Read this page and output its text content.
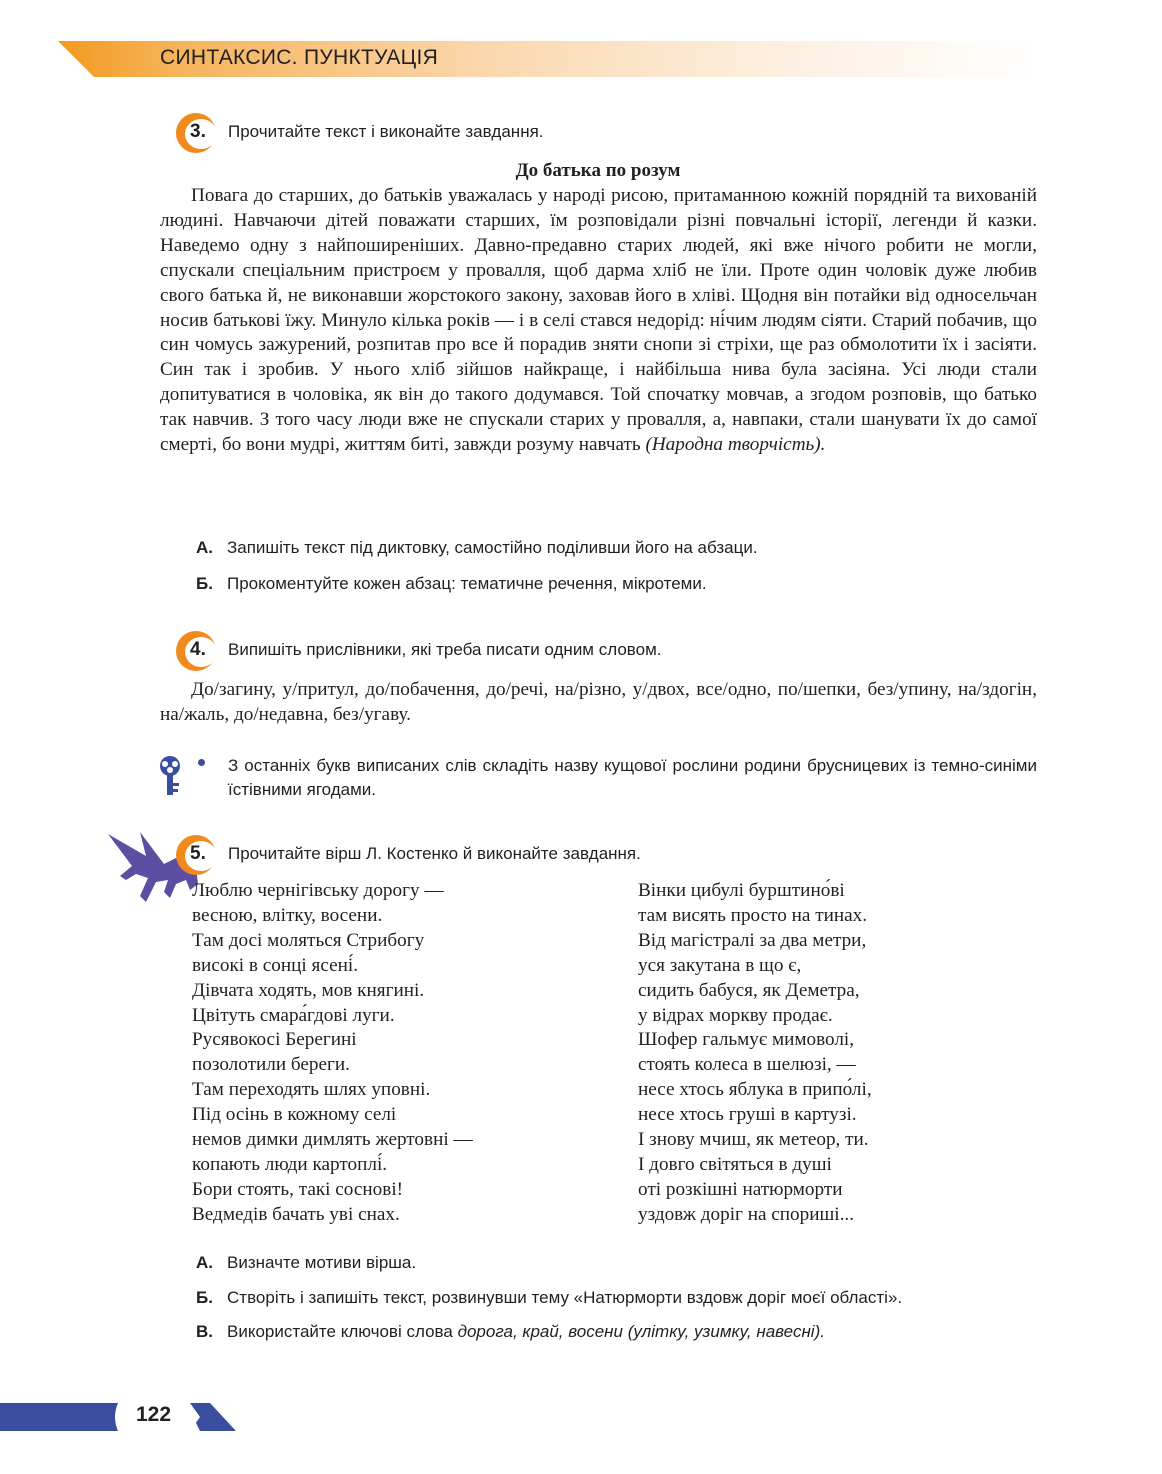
СИНТАКСИС. ПУНКТУАЦІЯ
3. Прочитайте текст і виконайте завдання.
До батька по розум
Повага до старших, до батьків уважалась у народі рисою, притаманною кожній порядній та вихованій людині. Навчаючи дітей поважати старших, їм розповідали різні повчальні історії, легенди й казки. Наведемо одну з найпоширеніших. Давно-предавно старих людей, які вже нічого робити не могли, спускали спеціальним пристроєм у провалля, щоб дарма хліб не їли. Проте один чоловік дуже любив свого батька й, не виконавши жорстокого закону, заховав його в хліві. Щодня він потайки від односельчан носив батькові їжу. Минуло кілька років — і в селі стався недорід: ні́чим людям сіяти. Старий побачив, що син чомусь зажурений, розпитав про все й порадив зняти снопи зі стріхи, ще раз обмолотити їх і засіяти. Син так і зробив. У нього хліб зійшов найкраще, і найбільша нива була засіяна. Усі люди стали допитуватися в чоловіка, як він до такого додумався. Той спочатку мовчав, а згодом розповів, що батько так навчив. З того часу люди вже не спускали старих у провалля, а, навпаки, стали шанувати їх до самої смерті, бо вони мудрі, життям биті, завжди розуму навчать (Народна творчість).
А. Запишіть текст під диктовку, самостійно поділивши його на абзаци.
Б. Прокоментуйте кожен абзац: тематичне речення, мікротеми.
4. Випишіть прислівники, які треба писати одним словом.
До/загину, у/притул, до/побачення, до/речі, на/різно, у/двох, все/одно, по/шепки, без/упину, на/здогін, на/жаль, до/недавна, без/угаву.
З останніх букв виписаних слів складіть назву кущової рослини родини брусницевих із темно-синіми їстівними ягодами.
5. Прочитайте вірш Л. Костенко й виконайте завдання.
Люблю чернігівську дорогу —
весною, влітку, восени.
Там досі моляться Стрибогу
високі в сонці ясені́.
Дівчата ходять, мов княгині.
Цвітуть смара́гдові луги.
Русявокосі Берегині
позолотили береги.
Там переходять шлях уповні.
Під осінь в кожному селі
немов димки димлять жертовні —
копають люди картоплі́.
Бори стоять, такі соснові!
Ведмедів бачать уві снах.
Вінки цибулі бурштино́ві
там висять просто на тинах.
Від магістралі за два метри,
уся закутана в що є,
сидить бабуся, як Деметра,
у відрах моркву продає.
Шофер гальмує мимоволі,
стоять колеса в шелюзі, —
несе хтось яблука в припо́лі,
несе хтось груші в картузі.
І знову мчиш, як метеор, ти.
І довго світяться в душі
оті розкішні натюрморти
уздовж доріг на спориші...
А. Визначте мотиви вірша.
Б. Створіть і запишіть текст, розвинувши тему «Натюрморти вздовж доріг моєї області».
В. Використайте ключові слова дорога, край, восени (улітку, узимку, навесні).
122
